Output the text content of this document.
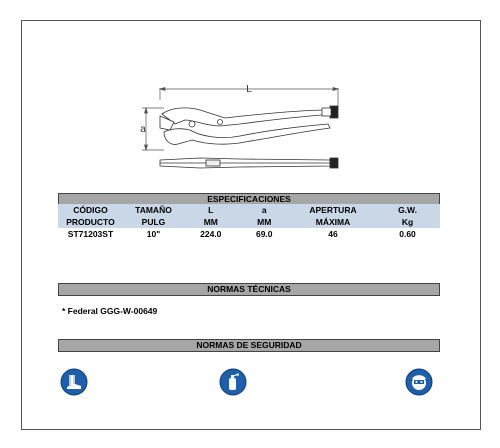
L
a
ESPECIFICACIONES
CÓDIGO	TAMAÑO	L	a	APERTURA	G.W.
PRODUCTO	PULG	MM	MM	MÁXIMA	Kg
ST71203ST	10"	224.0	69.0	46	0.60
NORMAS TÉCNICAS
* Federal GGG-W-00649
NORMAS DE SEGURIDAD
